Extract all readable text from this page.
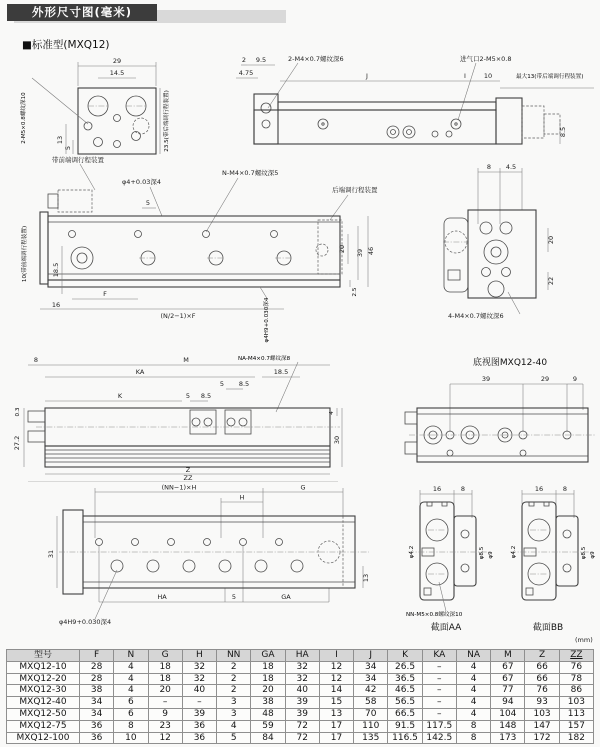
外形尺寸图(毫米)
■标准型(MXQ12)
29
14.5
13
5
2-M5×0.8螺纹深10	23.5(带后端调行程装置)
2 9.5
4.75
2-M4×0.7螺纹深6	进气口2-M5×0.8
J	I	10	最大13(带后端调行程装置)
8.5
带前端调行程装置
φ4+0.03深4
5
N-M4×0.7螺纹深5
后端调行程装置
10(带前端调行程装置)	18.5
F
16
(N/2−1)×F	φ4H9+0.030深4
2.5
20 39 46
8 4.5
20
22
4-M4×0.7螺纹深6
NA-M4×0.7螺纹深8
8	M
KA	18.5
5 8.5
K	5 8.5
0.3
27.2
4
30
Z
ZZ
底视图MXQ12-40
39	29	9
(NN−1)×H	G
H
31
13
HA	5	GA
φ4H9+0.030深4
16	8
φ4.2	φ8.5 φ9
NN-M5×0.8螺纹深10
截面AA
16	8
φ4.2	φ8.5 φ9
截面BB
(mm)
型号	F	N	G	H	NN	GA	HA	I	J	K	KA	NA	M	Z	ZZ
MXQ12-10	28	4	18	32	2	18	32	12	34	26.5	–	4	67	66	76
MXQ12-20	28	4	18	32	2	18	32	12	34	36.5	–	4	67	66	78
MXQ12-30	38	4	20	40	2	20	40	14	42	46.5	–	4	77	76	86
MXQ12-40	34	6	–	–	3	38	39	15	58	56.5	–	4	94	93	103
MXQ12-50	34	6	9	39	3	48	39	13	70	66.5	–	4	104	103	113
MXQ12-75	36	8	23	36	4	59	72	17	110	91.5	117.5	8	148	147	157
MXQ12-100	36	10	12	36	5	84	72	17	135	116.5	142.5	8	173	172	182
